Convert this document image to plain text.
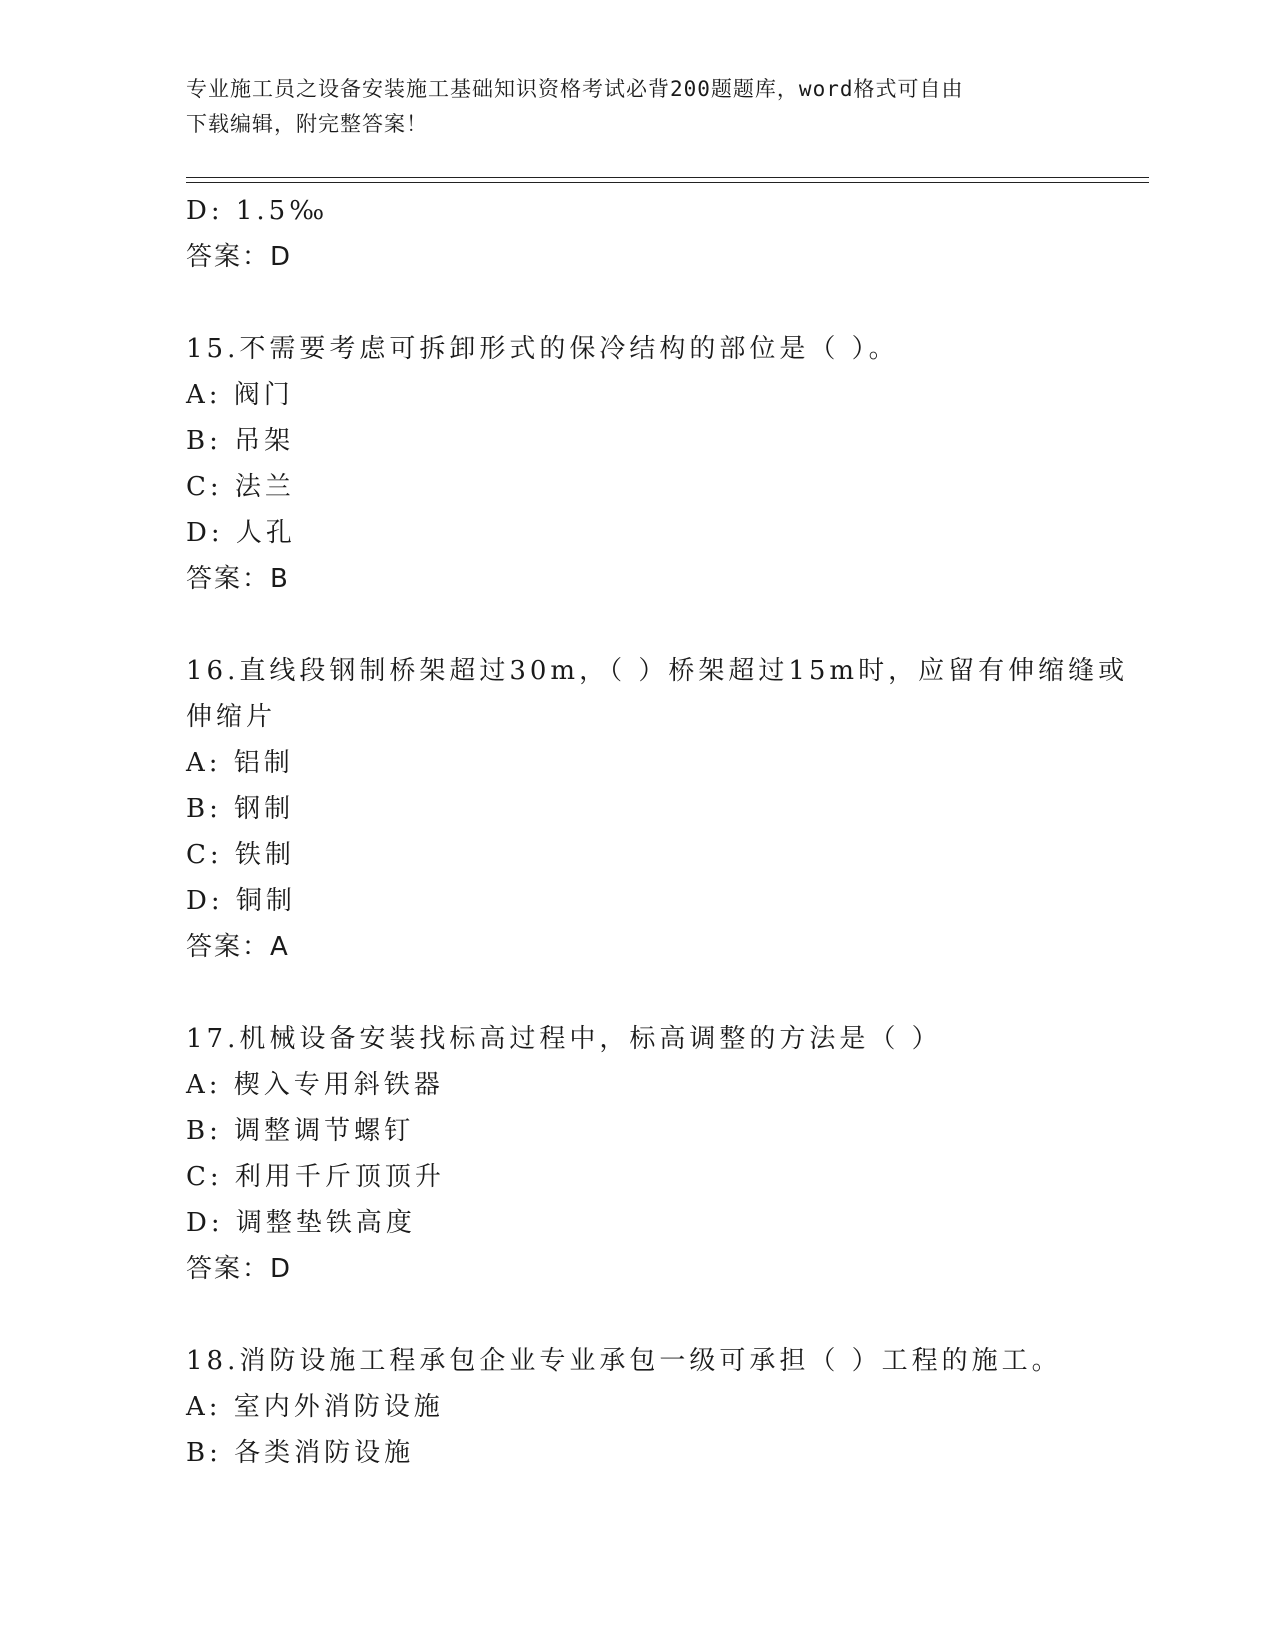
专业施工员之设备安装施工基础知识资格考试必背200题题库，word格式可自由
下载编辑，附完整答案！
D: 1.5‰
答案：D
15.不需要考虑可拆卸形式的保冷结构的部位是（ ）。
A: 阀门
B: 吊架
C: 法兰
D: 人孔
答案：B
16.直线段钢制桥架超过30m，（ ）桥架超过15m时，应留有伸缩缝或
伸缩片
A: 铝制
B: 钢制
C: 铁制
D: 铜制
答案：A
17.机械设备安装找标高过程中，标高调整的方法是（ ）
A: 楔入专用斜铁器
B: 调整调节螺钉
C: 利用千斤顶顶升
D: 调整垫铁高度
答案：D
18.消防设施工程承包企业专业承包一级可承担（ ）工程的施工。
A: 室内外消防设施
B: 各类消防设施
